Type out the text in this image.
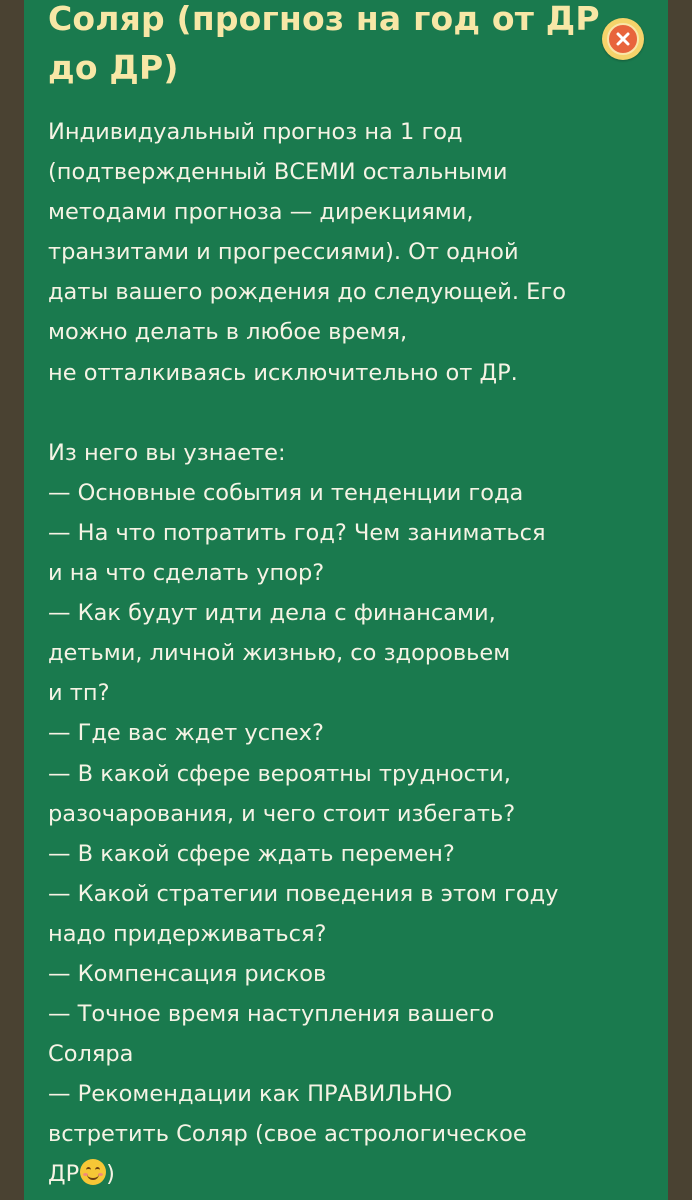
Соляр (прогноз на год от ДР
до ДР)
Индивидуальный прогноз на 1 год
(подтвержденный ВСЕМИ остальными
методами прогноза — дирекциями,
транзитами и прогрессиями). От одной
даты вашего рождения до следующей. Его
можно делать в любое время,
не отталкиваясь исключительно от ДР.
Из него вы узнаете:
— Основные события и тенденции года
— На что потратить год? Чем заниматься
и на что сделать упор?
— Как будут идти дела с финансами,
детьми, личной жизнью, со здоровьем
и тп?
— Где вас ждет успех?
— В какой сфере вероятны трудности,
разочарования, и чего стоит избегать?
— В какой сфере ждать перемен?
— Какой стратегии поведения в этом году
надо придерживаться?
— Компенсация рисков
— Точное время наступления вашего
Соляра
— Рекомендации как ПРАВИЛЬНО
встретить Соляр (свое астрологическое
ДР )
